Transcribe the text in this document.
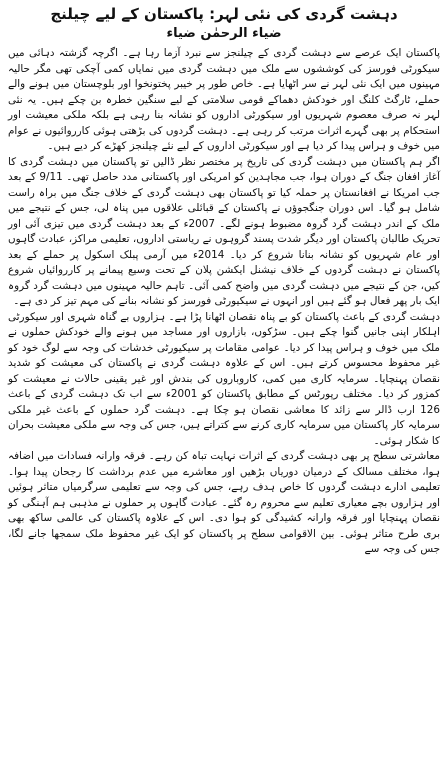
دہشت گردی کی نئی لہر: پاکستان کے لیے چیلنج
ضیاء الرحمٰن ضیاء

پاکستان ایک عرصے سے دہشت گردی کے چیلنجز سے نبرد آزما رہا ہے۔ اگرچہ گزشتہ دہائی میں سیکورٹی فورسز کی کوششوں سے ملک میں دہشت گردی میں نمایاں کمی آچکی تھی مگر حالیہ مہینوں میں ایک نئی لہر نے سر اٹھایا ہے۔ خاص طور پر خیبر پختونخوا اور بلوچستان میں ہونے والے حملے، ٹارگٹ کلنگ اور خودکش دھماکے قومی سلامتی کے لیے سنگین خطرہ بن چکے ہیں۔ یہ نئی لہر نہ صرف معصوم شہریوں اور سیکورٹی اداروں کو نشانہ بنا رہی ہے بلکہ ملکی معیشت اور استحکام پر بھی گہرے اثرات مرتب کر رہی ہے۔ دہشت گردوں کی بڑھتی ہوئی کارروائیوں نے عوام میں خوف و ہراس پیدا کر دیا ہے اور سیکورٹی اداروں کے لیے نئے چیلنجز کھڑے کر دیے ہیں۔

اگر ہم پاکستان میں دہشت گردی کی تاریخ پر مختصر نظر ڈالیں تو پاکستان میں دہشت گردی کا آغاز افغان جنگ کے دوران ہوا، جب مجاہدین کو امریکی اور پاکستانی مدد حاصل تھی۔ 9/11 کے بعد جب امریکا نے افغانستان پر حملہ کیا تو پاکستان بھی دہشت گردی کے خلاف جنگ میں براہ راست شامل ہو گیا۔ اس دوران جنگجوؤں نے پاکستان کے قبائلی علاقوں میں پناہ لی، جس کے نتیجے میں ملک کے اندر دہشت گرد گروہ مضبوط ہونے لگے۔ 2007ء کے بعد دہشت گردی میں تیزی آئی اور تحریک طالبان پاکستان اور دیگر شدت پسند گروہوں نے ریاستی اداروں، تعلیمی مراکز، عبادت گاہوں اور عام شہریوں کو نشانہ بنانا شروع کر دیا۔ 2014ء میں آرمی پبلک اسکول پر حملے کے بعد پاکستان نے دہشت گردوں کے خلاف نیشنل ایکشن پلان کے تحت وسیع پیمانے پر کارروائیاں شروع کیں، جن کے نتیجے میں دہشت گردی میں واضح کمی آئی۔ تاہم حالیہ مہینوں میں دہشت گرد گروہ ایک بار پھر فعال ہو گئے ہیں اور انہوں نے سیکیورٹی فورسز کو نشانہ بنانے کی مہم تیز کر دی ہے۔

دہشت گردی کے باعث پاکستان کو بے پناہ نقصان اٹھانا پڑا ہے۔ ہزاروں بے گناہ شہری اور سیکورٹی اہلکار اپنی جانیں گنوا چکے ہیں۔ سڑکوں، بازاروں اور مساجد میں ہونے والے خودکش حملوں نے ملک میں خوف و ہراس پیدا کر دیا۔ عوامی مقامات پر سیکیورٹی خدشات کی وجہ سے لوگ خود کو غیر محفوظ محسوس کرتے ہیں۔ اس کے علاوہ دہشت گردی نے پاکستان کی معیشت کو شدید نقصان پہنچایا۔ سرمایہ کاری میں کمی، کاروباروں کی بندش اور غیر یقینی حالات نے معیشت کو کمزور کر دیا۔ مختلف رپورٹس کے مطابق پاکستان کو 2001ء سے اب تک دہشت گردی کے باعث 126 ارب ڈالر سے زائد کا معاشی نقصان ہو چکا ہے۔ دہشت گرد حملوں کے باعث غیر ملکی سرمایہ کار پاکستان میں سرمایہ کاری کرنے سے کتراتے ہیں، جس کی وجہ سے ملکی معیشت بحران کا شکار ہوئی۔

معاشرتی سطح پر بھی دہشت گردی کے اثرات نہایت تباہ کن رہے۔ فرقہ وارانہ فسادات میں اضافہ ہوا، مختلف مسالک کے درمیان دوریاں بڑھیں اور معاشرے میں عدم برداشت کا رجحان پیدا ہوا۔ تعلیمی ادارے دہشت گردوں کا خاص ہدف رہے، جس کی وجہ سے تعلیمی سرگرمیاں متاثر ہوئیں اور ہزاروں بچے معیاری تعلیم سے محروم رہ گئے۔ عبادت گاہوں پر حملوں نے مذہبی ہم آہنگی کو نقصان پہنچایا اور فرقہ وارانہ کشیدگی کو ہوا دی۔ اس کے علاوہ پاکستان کی عالمی ساکھ بھی بری طرح متاثر ہوئی۔ بین الاقوامی سطح پر پاکستان کو ایک غیر محفوظ ملک سمجھا جانے لگا، جس کی وجہ سے
